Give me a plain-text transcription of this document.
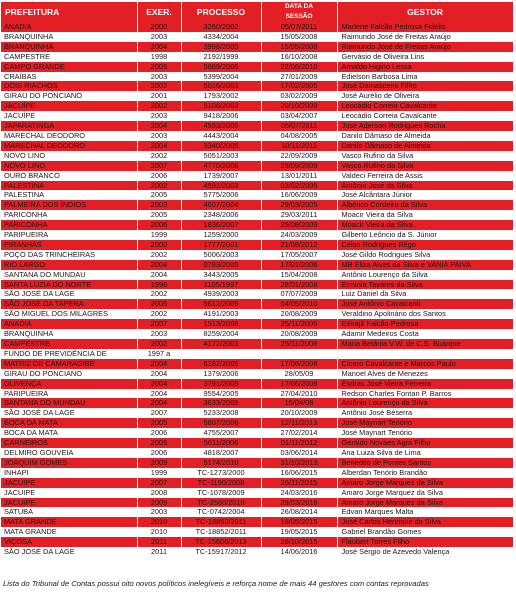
PREFEITURA	EXER.	PROCESSO	DATA DA
SESSÃO	GESTOR
ANADIA	2000	3260/2002	05/07/2011	Marlene Falcão Pedrosa Fidelis
BRANQUINHA	2003	4334/2004	15/05/2008	Raimundo José de Freitas Araújo
BRANQUINHA	2004	3998/2005	15/05/2008	Raimundo José de Freitas Araújo
CAMPESTRE	1998	2192/1999	16/10/2008	Gervásio de Oliveira Lins
CAMPO GRANDE	2005	5669/2006	22/06/2010	Arnaldo Higino Lessa
CRAÍBAS	2003	5399/2004	27/01/2009	Edielson Barbosa Lima
DOIS RIACHOS	2002	5016/2003	17/02/2005	José Damasceno Filho
GIRAU DO PONCIANO	2001	1793/2002	03/02/2009	José Aurélio de Oliveira
JACUÍPE	2002	5106/2003	20/10/2009	Leocádio Correia Cavalcante
JACUÍPE	2003	9418/2006	03/04/2007	Leocádio Correia Cavalcante
JAPARATINGA	2004	4593/2005	05/07/2011	José Aderson Rodrigues Rocha
MARECHAL DEODORO	2003	4443/2004	04/08/2005	Danilo Dâmaso de Almeida
MARECHAL DEODORO	2004	3340/2005	10/11/2011	Danilo Dâmaso de Almeida
NOVO LINO	2002	5051/2003	22/09/2009	Vasco Rufino da Silva
NOVO LINO	2007	4770/2008	29/09/2009	Vasco Rufino da Silva
OURO BRANCO	2006	1739/2007	13/01/2011	Valdeci Ferreira de Assis
PALESTINA	2002	4591/2003	03/02/2005	Antônio José da Silva
PALESTINA	2005	5775/2006	16/06/2009	José Alcântara Júnior
PALMEIRA DOS ÍNDIOS	2003	4607/2004	29/03/2005	Albérico Cordeiro da Silva
PARICONHA	2005	2348/2006	29/03/2011	Moacir Vieira da Silva
PARICONHA	2006	1836/2007	25/08/2009	Moacir Vieira da Silva
PARIPUEIRA	1999	1259/2000	24/03/2009	Gilberto Leôncio da S. Júnior
PIRANHAS	2000	1777/2001	21/08/2012	Celso Rodrigues Rêgo
POÇO DAS TRINCHEIRAS	2002	5006/2003	17/05/2007	José Gildo Rodrigues Silva
RIO LARGO	2004	0783/2005	17/01/2006	MB Eliza Alves da Silva e VANIA PAIVA
SANTANA DO MUNDAU	2004	3443/2005	15/04/2008	Antônio Lourenço da Silva
SANTA LUZIA DO NORTE	1996	1105/1997	28/01/2008	Erminia Tavares da Silva
SÃO JOSÉ DA LAGE	2002	4939/2003	07/07/2009	Luiz Daniel da Silva
SÃO JOSÉ DA TAPERA	2005	5612/2006	04/05/2010	José Antônio Cavalcanti
SÃO MIGUEL DOS MILAGRES	2002	4191/2003	20/08/2009	Veraldino Apolinário dos Santos
ANADIA	2007	1513/2008	25/11/2009	Edirajã Falcão Pedrosa
BRANQUINHA	2003	8259/2004	20/08/2009	Adamir Medeiros Costa
CAMPESTRE	2002	4172/2003	25/11/2008	Maria Betânia V.W. de C.S. Buarque
FUNDO DE PREVIDÊNCIA DE	1997 a			
MATRIZ DE CAMARAGIBE	2004	6182/2005	17/06/2008	Cícero Cavalcante e Marcos Paulo
GIRAU DO PONCIANO	2004	1379/2006	28/05/09	Manoel Alves de Menezes
OLIVENÇA	2004	3791/2005	17/06/2008	Esdras José Vieira Ferreira
PARIPUEIRA	2004	9554/2005	27/04/2010	Redson Charles Fontan P. Barros
SANTANA DO MUNDAU	2004	3633/2005	15/04/08	Antônio Lourenço da Silva
SÃO JOSÉ DA LAGE	2007	5233/2008	20/10/2009	Antônio José Béserra
BOCA DA MATA	2005	5607/2006	12/11/2013	José Maynart Tenório
BOCA DA MATA	2006	4755/2007	27/02/2014	José Maynart Tenório
CARNEIROS	2005	5611/2006	01/11/2012	Geraldo Novaes Agra Filho
DELMIRO GOUVEIA	2006	4818/2007	03/06/2014	Ana Luiza Silva de Lima
JOAQUIM GOMES	2009	5174/2010	31/10/2013	Benedito de Pontes Santos
INHAPI	1999	TC-1273/2000	16/06/2015	Alberdan Tenório Brandão
JACUIPE	2007	TC-1190/2008	26/11/2015	Amaro Jorge Marquez da Silva
JACUIPE	2008	TC-1078/2009	24/03/2016	Amaro Jorge Marquez da Silva
JACUIPE	2009	TC-2560/2010	29/03/2016	Amaro Jorge Marquez da Silva
SATUBA	2003	TC-0742/2004	26/08/2014	Edvan Marques Malta
MATA GRANDE	2010	TC-18852/2011	19/05/2015	José Carlos Henrique da Silva
MATA GRANDE	2010	TC-18852/2011	19/05/2015	Gabriel Brandão Gomes
VIÇOSA	2011	TC-15606/2013	26/10/2015	Flaubert Torres Filho
SÃO JOSÉ DA LAGE	2011	TC-15917/2012	14/06/2016	José Sérgio de Azevedo Valença
Lista do Tribunal de Contas possui oito novos políticos inelegíveis e reforça nome de mais 44 gestores com contas reprovadas
